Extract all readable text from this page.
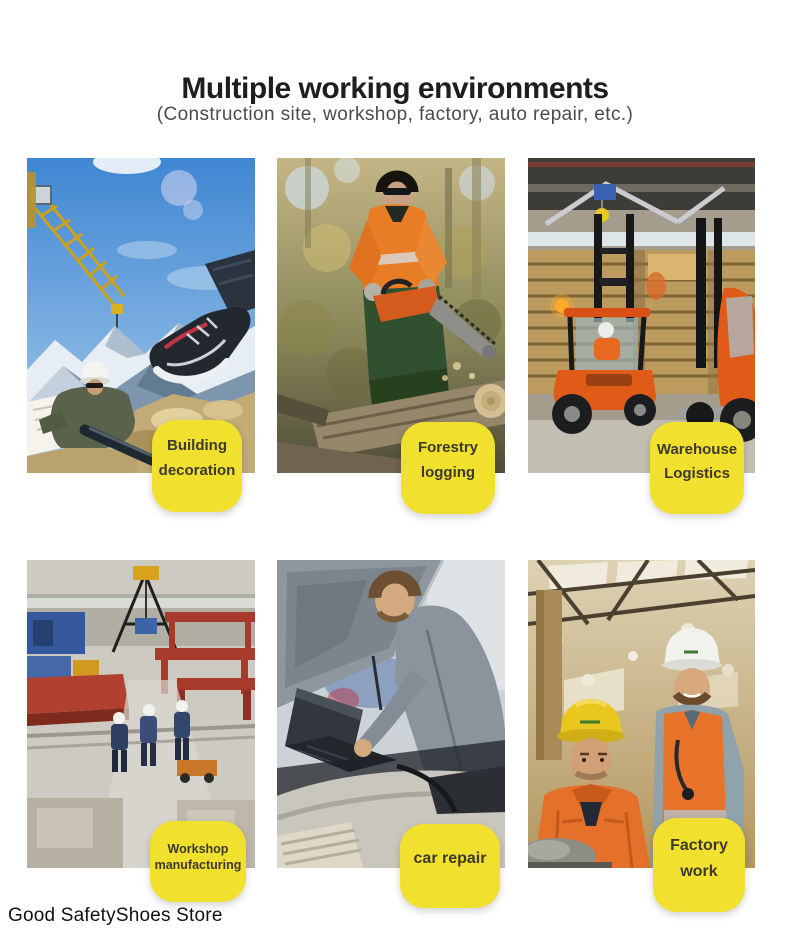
Multiple working environments
(Construction site, workshop, factory, auto repair, etc.)
Building
decoration
Forestry
logging
Warehouse
Logistics
Workshop
manufacturing	car repair
Factory
work
Good SafetyShoes Store
